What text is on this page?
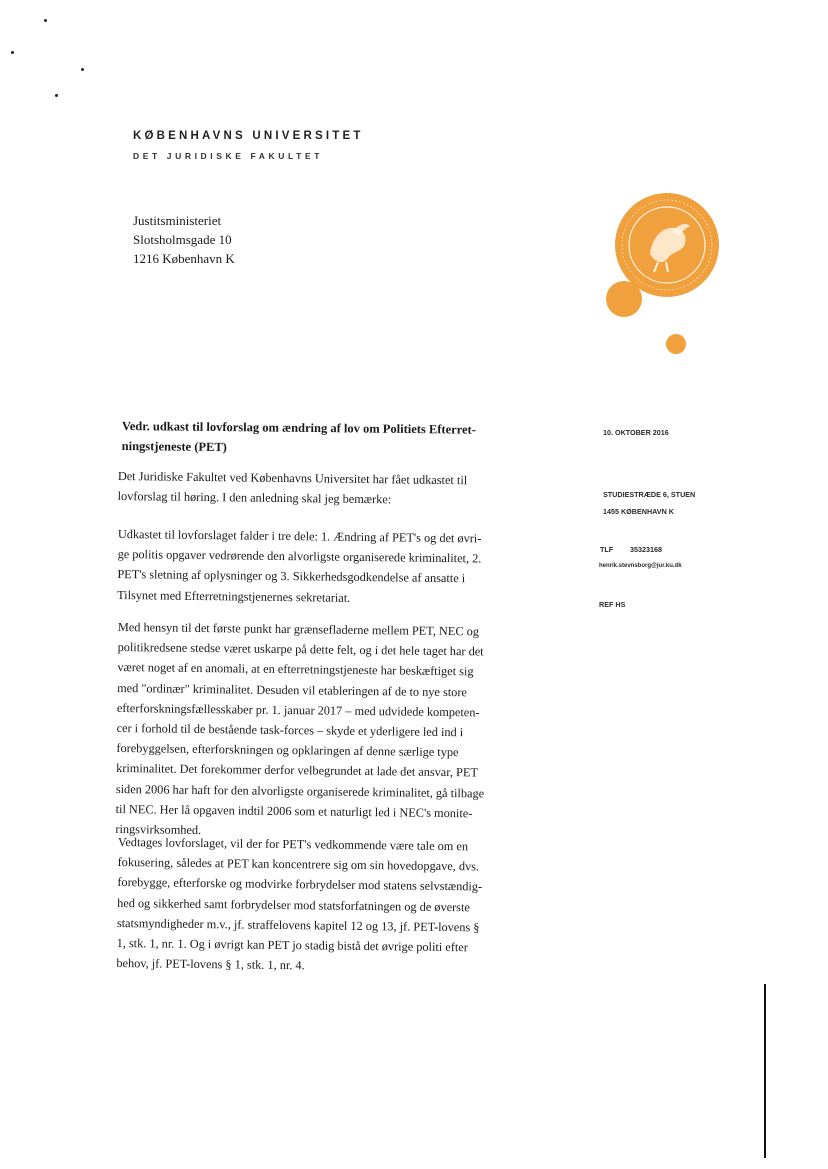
KØBENHAVNS UNIVERSITET
DET JURIDISKE FAKULTET
Justitsministeriet
Slotsholmsgade 10
1216 København K
Vedr. udkast til lovforslag om ændring af lov om Politiets Efterret-
ningstjeneste (PET)
10. OKTOBER 2016
STUDIESTRÆDE 6, STUEN
1455 KØBENHAVN K
TLF 35323168
henrik.stevnsborg@jur.ku.dk
REF HS
Det Juridiske Fakultet ved Københavns Universitet har fået udkastet til
lovforslag til høring. I den anledning skal jeg bemærke:
Udkastet til lovforslaget falder i tre dele: 1. Ændring af PET's og det øvri-
ge politis opgaver vedrørende den alvorligste organiserede kriminalitet, 2.
PET's sletning af oplysninger og 3. Sikkerhedsgodkendelse af ansatte i
Tilsynet med Efterretningstjenernes sekretariat.
Med hensyn til det første punkt har grænsefladerne mellem PET, NEC og
politikredsene stedse været uskarpe på dette felt, og i det hele taget har det
været noget af en anomali, at en efterretningstjeneste har beskæftiget sig
med "ordinær" kriminalitet. Desuden vil etableringen af de to nye store
efterforskningsfællesskaber pr. 1. januar 2017 – med udvidede kompeten-
cer i forhold til de bestående task-forces – skyde et yderligere led ind i
forebyggelsen, efterforskningen og opklaringen af denne særlige type
kriminalitet. Det forekommer derfor velbegrundet at lade det ansvar, PET
siden 2006 har haft for den alvorligste organiserede kriminalitet, gå tilbage
til NEC. Her lå opgaven indtil 2006 som et naturligt led i NEC's monite-
ringsvirksomhed.
Vedtages lovforslaget, vil der for PET's vedkommende være tale om en
fokusering, således at PET kan koncentrere sig om sin hovedopgave, dvs.
forebygge, efterforske og modvirke forbrydelser mod statens selvstændig-
hed og sikkerhed samt forbrydelser mod statsforfatningen og de øverste
statsmyndigheder m.v., jf. straffelovens kapitel 12 og 13, jf. PET-lovens §
1, stk. 1, nr. 1. Og i øvrigt kan PET jo stadig bistå det øvrige politi efter
behov, jf. PET-lovens § 1, stk. 1, nr. 4.
